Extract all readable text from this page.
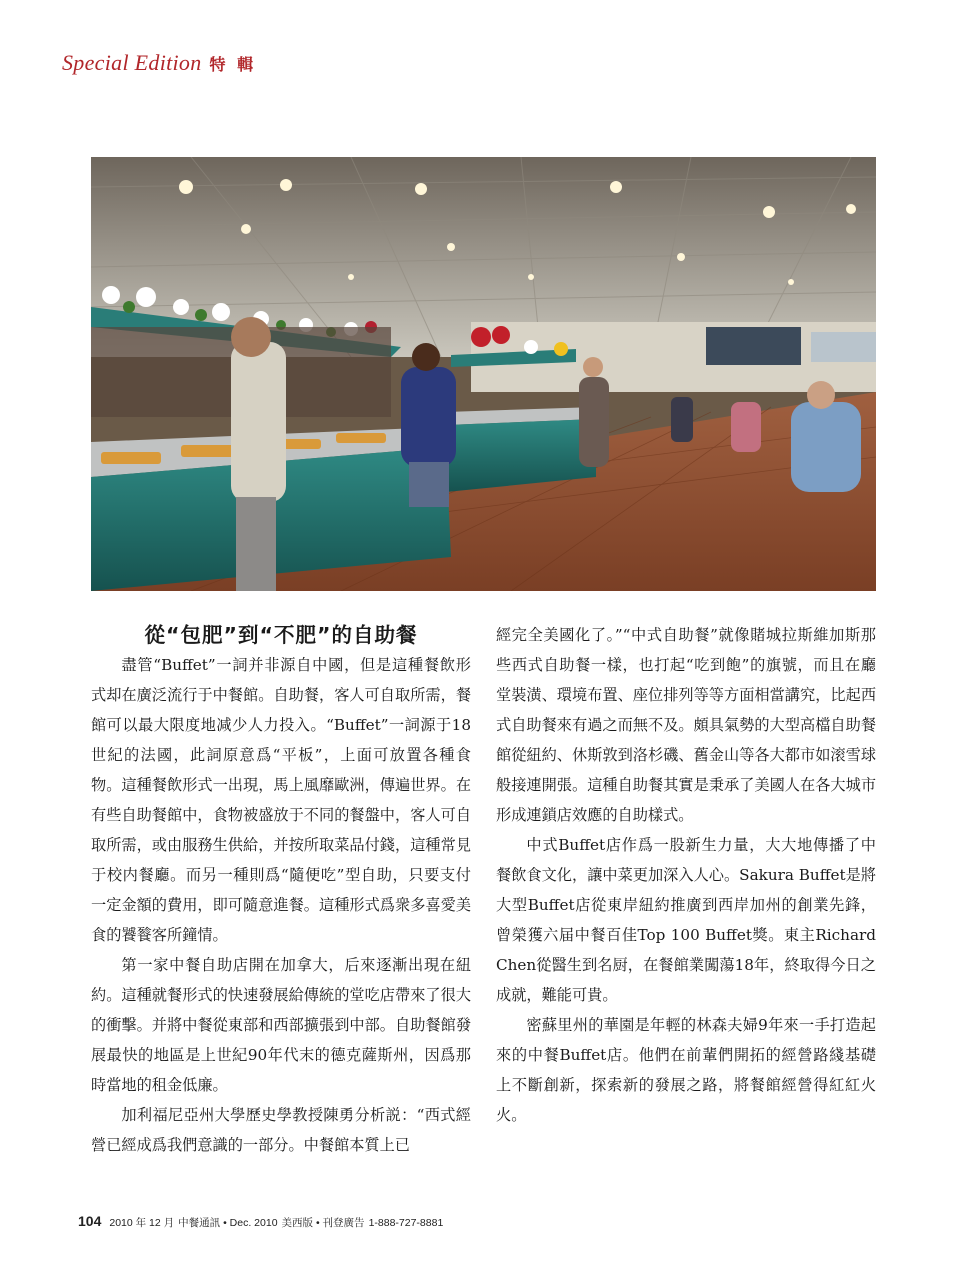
Special Edition 特 輯
從“包肥”到“不肥”的自助餐

盡管“Buffet”一詞并非源自中國，但是這種餐飲形式却在廣泛流行于中餐館。自助餐，客人可自取所需，餐館可以最大限度地减少人力投入。“Buffet”一詞源于18世紀的法國，此詞原意爲“平板”，上面可放置各種食物。這種餐飲形式一出現，馬上風靡歐洲，傳遍世界。在有些自助餐館中，食物被盛放于不同的餐盤中，客人可自取所需，或由服務生供給，并按所取菜品付錢，這種常見于校内餐廳。而另一種則爲“隨便吃”型自助，只要支付一定金額的費用，即可隨意進餐。這種形式爲衆多喜愛美食的饕餮客所鐘情。

第一家中餐自助店開在加拿大，后來逐漸出現在紐約。這種就餐形式的快速發展給傳統的堂吃店帶來了很大的衝擊。并將中餐從東部和西部擴張到中部。自助餐館發展最快的地區是上世紀90年代末的德克薩斯州，因爲那時當地的租金低廉。

加利福尼亞州大學歷史學教授陳勇分析説：“西式經營已經成爲我們意識的一部分。中餐館本質上已

經完全美國化了。”“中式自助餐”就像賭城拉斯維加斯那些西式自助餐一樣，也打起“吃到飽”的旗號，而且在廳堂裝潢、環境布置、座位排列等等方面相當講究，比起西式自助餐來有過之而無不及。頗具氣勢的大型高檔自助餐館從紐約、休斯敦到洛杉磯、舊金山等各大都市如滚雪球般接連開張。這種自助餐其實是秉承了美國人在各大城市形成連鎖店效應的自助樣式。

中式Buffet店作爲一股新生力量，大大地傳播了中餐飲食文化，讓中菜更加深入人心。Sakura Buffet是將大型Buffet店從東岸紐約推廣到西岸加州的創業先鋒，曾榮獲六届中餐百佳Top 100 Buffet獎。東主Richard Chen從醫生到名厨，在餐館業闖蕩18年，終取得今日之成就，難能可貴。

密蘇里州的華園是年輕的林森夫婦9年來一手打造起來的中餐Buffet店。他們在前輩們開拓的經營路綫基礎上不斷創新，探索新的發展之路，將餐館經營得紅紅火火。

104 2010 年 12 月 中餐通訊 • Dec. 2010 美西版 • 刊登廣告 1-888-727-8881
